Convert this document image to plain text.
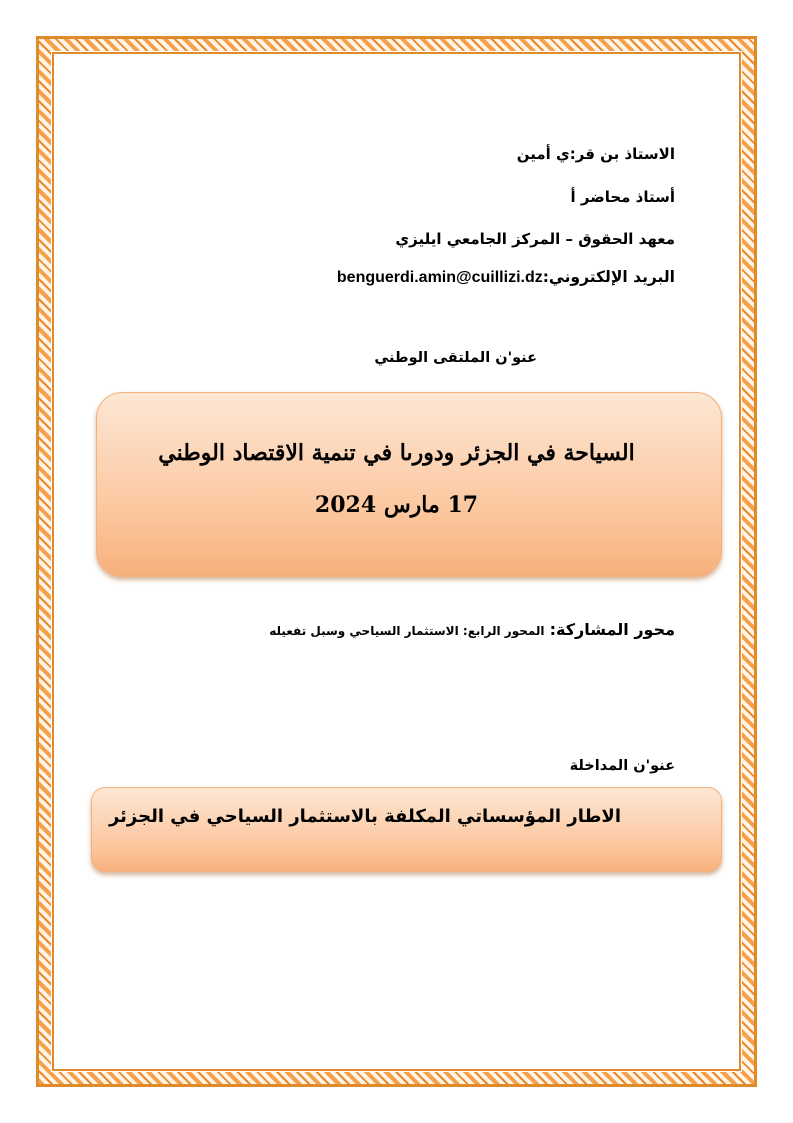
الاستاذ بن قر:ي أمين
أستاذ محاضر أ
معهد الحقوق – المركز الجامعي ايليزي
البريد الإلكتروني:benguerdi.amin@cuillizi.dz
عنو'ن الملتقى الوطني
السياحة في الجزئر ودورىا في تنمية الاقتصاد الوطني
17 مارس 2024
محور المشاركة: المحور الرابع: الاستثمار السياحي وسبل تفعيله
عنو'ن المداخلة
الاطار المؤسساتي المكلفة بالاستثمار السياحي في الجزئر
